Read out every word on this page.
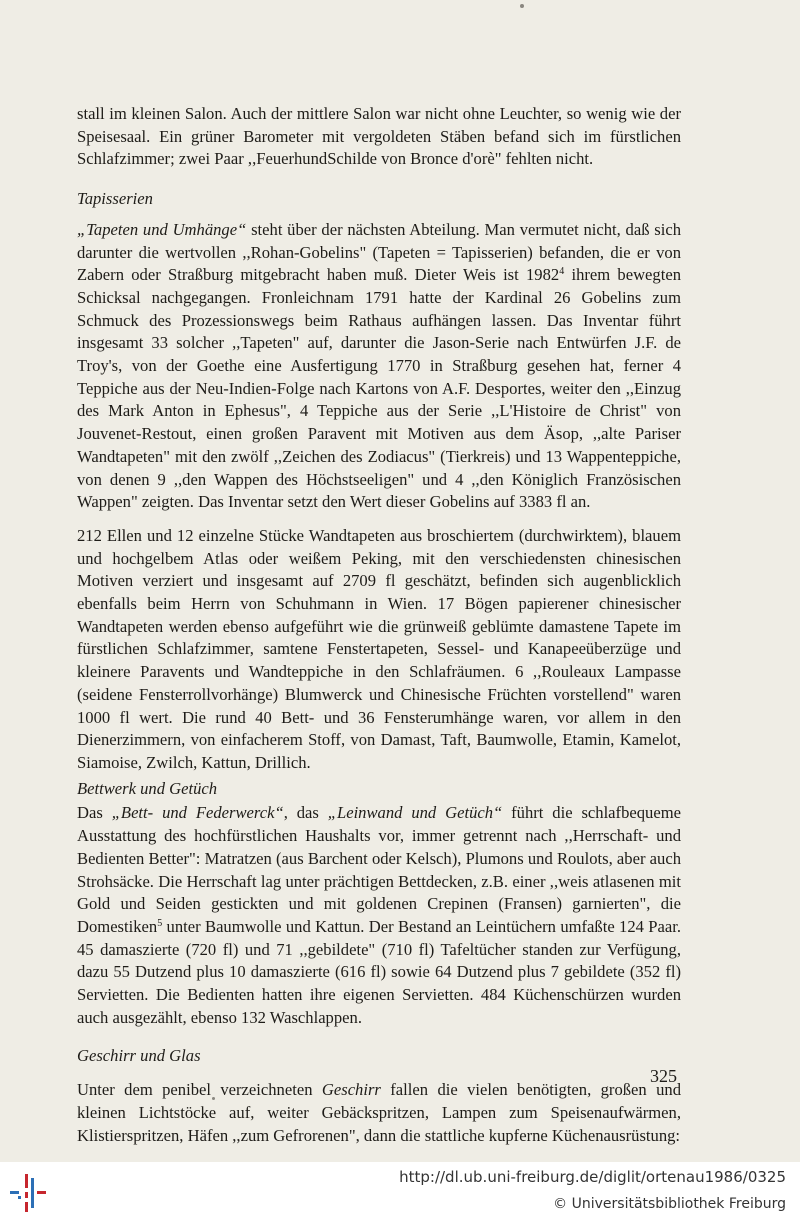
stall im kleinen Salon. Auch der mittlere Salon war nicht ohne Leuchter, so wenig wie der Speisesaal. Ein grüner Barometer mit vergoldeten Stäben befand sich im fürstlichen Schlafzimmer; zwei Paar ,,FeuerhundSchilde von Bronce d'orè" fehlten nicht.

Tapisserien

„Tapeten und Umhänge“ steht über der nächsten Abteilung. Man vermutet nicht, daß sich darunter die wertvollen ,,Rohan-Gobelins" (Tapeten = Tapisserien) befanden, die er von Zabern oder Straßburg mitgebracht haben muß. Dieter Weis ist 1982$^4$ ihrem bewegten Schicksal nachgegangen. Fronleichnam 1791 hatte der Kardinal 26 Gobelins zum Schmuck des Prozessionswegs beim Rathaus aufhängen lassen. Das Inventar führt insgesamt 33 solcher ,,Tapeten" auf, darunter die Jason-Serie nach Entwürfen J.F. de Troy's, von der Goethe eine Ausfertigung 1770 in Straßburg gesehen hat, ferner 4 Teppiche aus der Neu-Indien-Folge nach Kartons von A.F. Desportes, weiter den ,,Einzug des Mark Anton in Ephesus", 4 Teppiche aus der Serie ,,L'Histoire de Christ" von Jouvenet-Restout, einen großen Paravent mit Motiven aus dem Äsop, ,,alte Pariser Wandtapeten" mit den zwölf ,,Zeichen des Zodiacus" (Tierkreis) und 13 Wappenteppiche, von denen 9 ,,den Wappen des Höchstseeligen" und 4 ,,den Königlich Französischen Wappen" zeigten. Das Inventar setzt den Wert dieser Gobelins auf 3383 fl an.

212 Ellen und 12 einzelne Stücke Wandtapeten aus broschiertem (durchwirktem), blauem und hochgelbem Atlas oder weißem Peking, mit den verschiedensten chinesischen Motiven verziert und insgesamt auf 2709 fl geschätzt, befinden sich augenblicklich ebenfalls beim Herrn von Schuhmann in Wien. 17 Bögen papierener chinesischer Wandtapeten werden ebenso aufgeführt wie die grünweiß geblümte damastene Tapete im fürstlichen Schlafzimmer, samtene Fenstertapeten, Sessel- und Kanapeeüberzüge und kleinere Paravents und Wandteppiche in den Schlafräumen. 6 ,,Rouleaux Lampasse (seidene Fensterrollvorhänge) Blumwerck und Chinesische Früchten vorstellend" waren 1000 fl wert. Die rund 40 Bett- und 36 Fensterumhänge waren, vor allem in den Dienerzimmern, von einfacherem Stoff, von Damast, Taft, Baumwolle, Etamin, Kamelot, Siamoise, Zwilch, Kattun, Drillich.

Bettwerk und Getüch

Das „Bett- und Federwerck“, das „Leinwand und Getüch“ führt die schlafbequeme Ausstattung des hochfürstlichen Haushalts vor, immer getrennt nach ,,Herrschaft- und Bedienten Better": Matratzen (aus Barchent oder Kelsch), Plumons und Roulots, aber auch Strohsäcke. Die Herrschaft lag unter prächtigen Bettdecken, z.B. einer ,,weis atlasenen mit Gold und Seiden gestickten und mit goldenen Crepinen (Fransen) garnierten", die Domestiken$^5$ unter Baumwolle und Kattun. Der Bestand an Leintüchern umfaßte 124 Paar. 45 damaszierte (720 fl) und 71 ,,gebildete" (710 fl) Tafeltücher standen zur Verfügung, dazu 55 Dutzend plus 10 damaszierte (616 fl) sowie 64 Dutzend plus 7 gebildete (352 fl) Servietten. Die Bedienten hatten ihre eigenen Servietten. 484 Küchenschürzen wurden auch ausgezählt, ebenso 132 Waschlappen.

Geschirr und Glas

Unter dem penibel verzeichneten Geschirr fallen die vielen benötigten, großen und kleinen Lichtstöcke auf, weiter Gebäckspritzen, Lampen zum Speisenaufwärmen, Klistierspritzen, Häfen ,,zum Gefrorenen", dann die stattliche kupferne Küchenausrüstung:

325
http://dl.ub.uni-freiburg.de/diglit/ortenau1986/0325
© Universitätsbibliothek Freiburg
